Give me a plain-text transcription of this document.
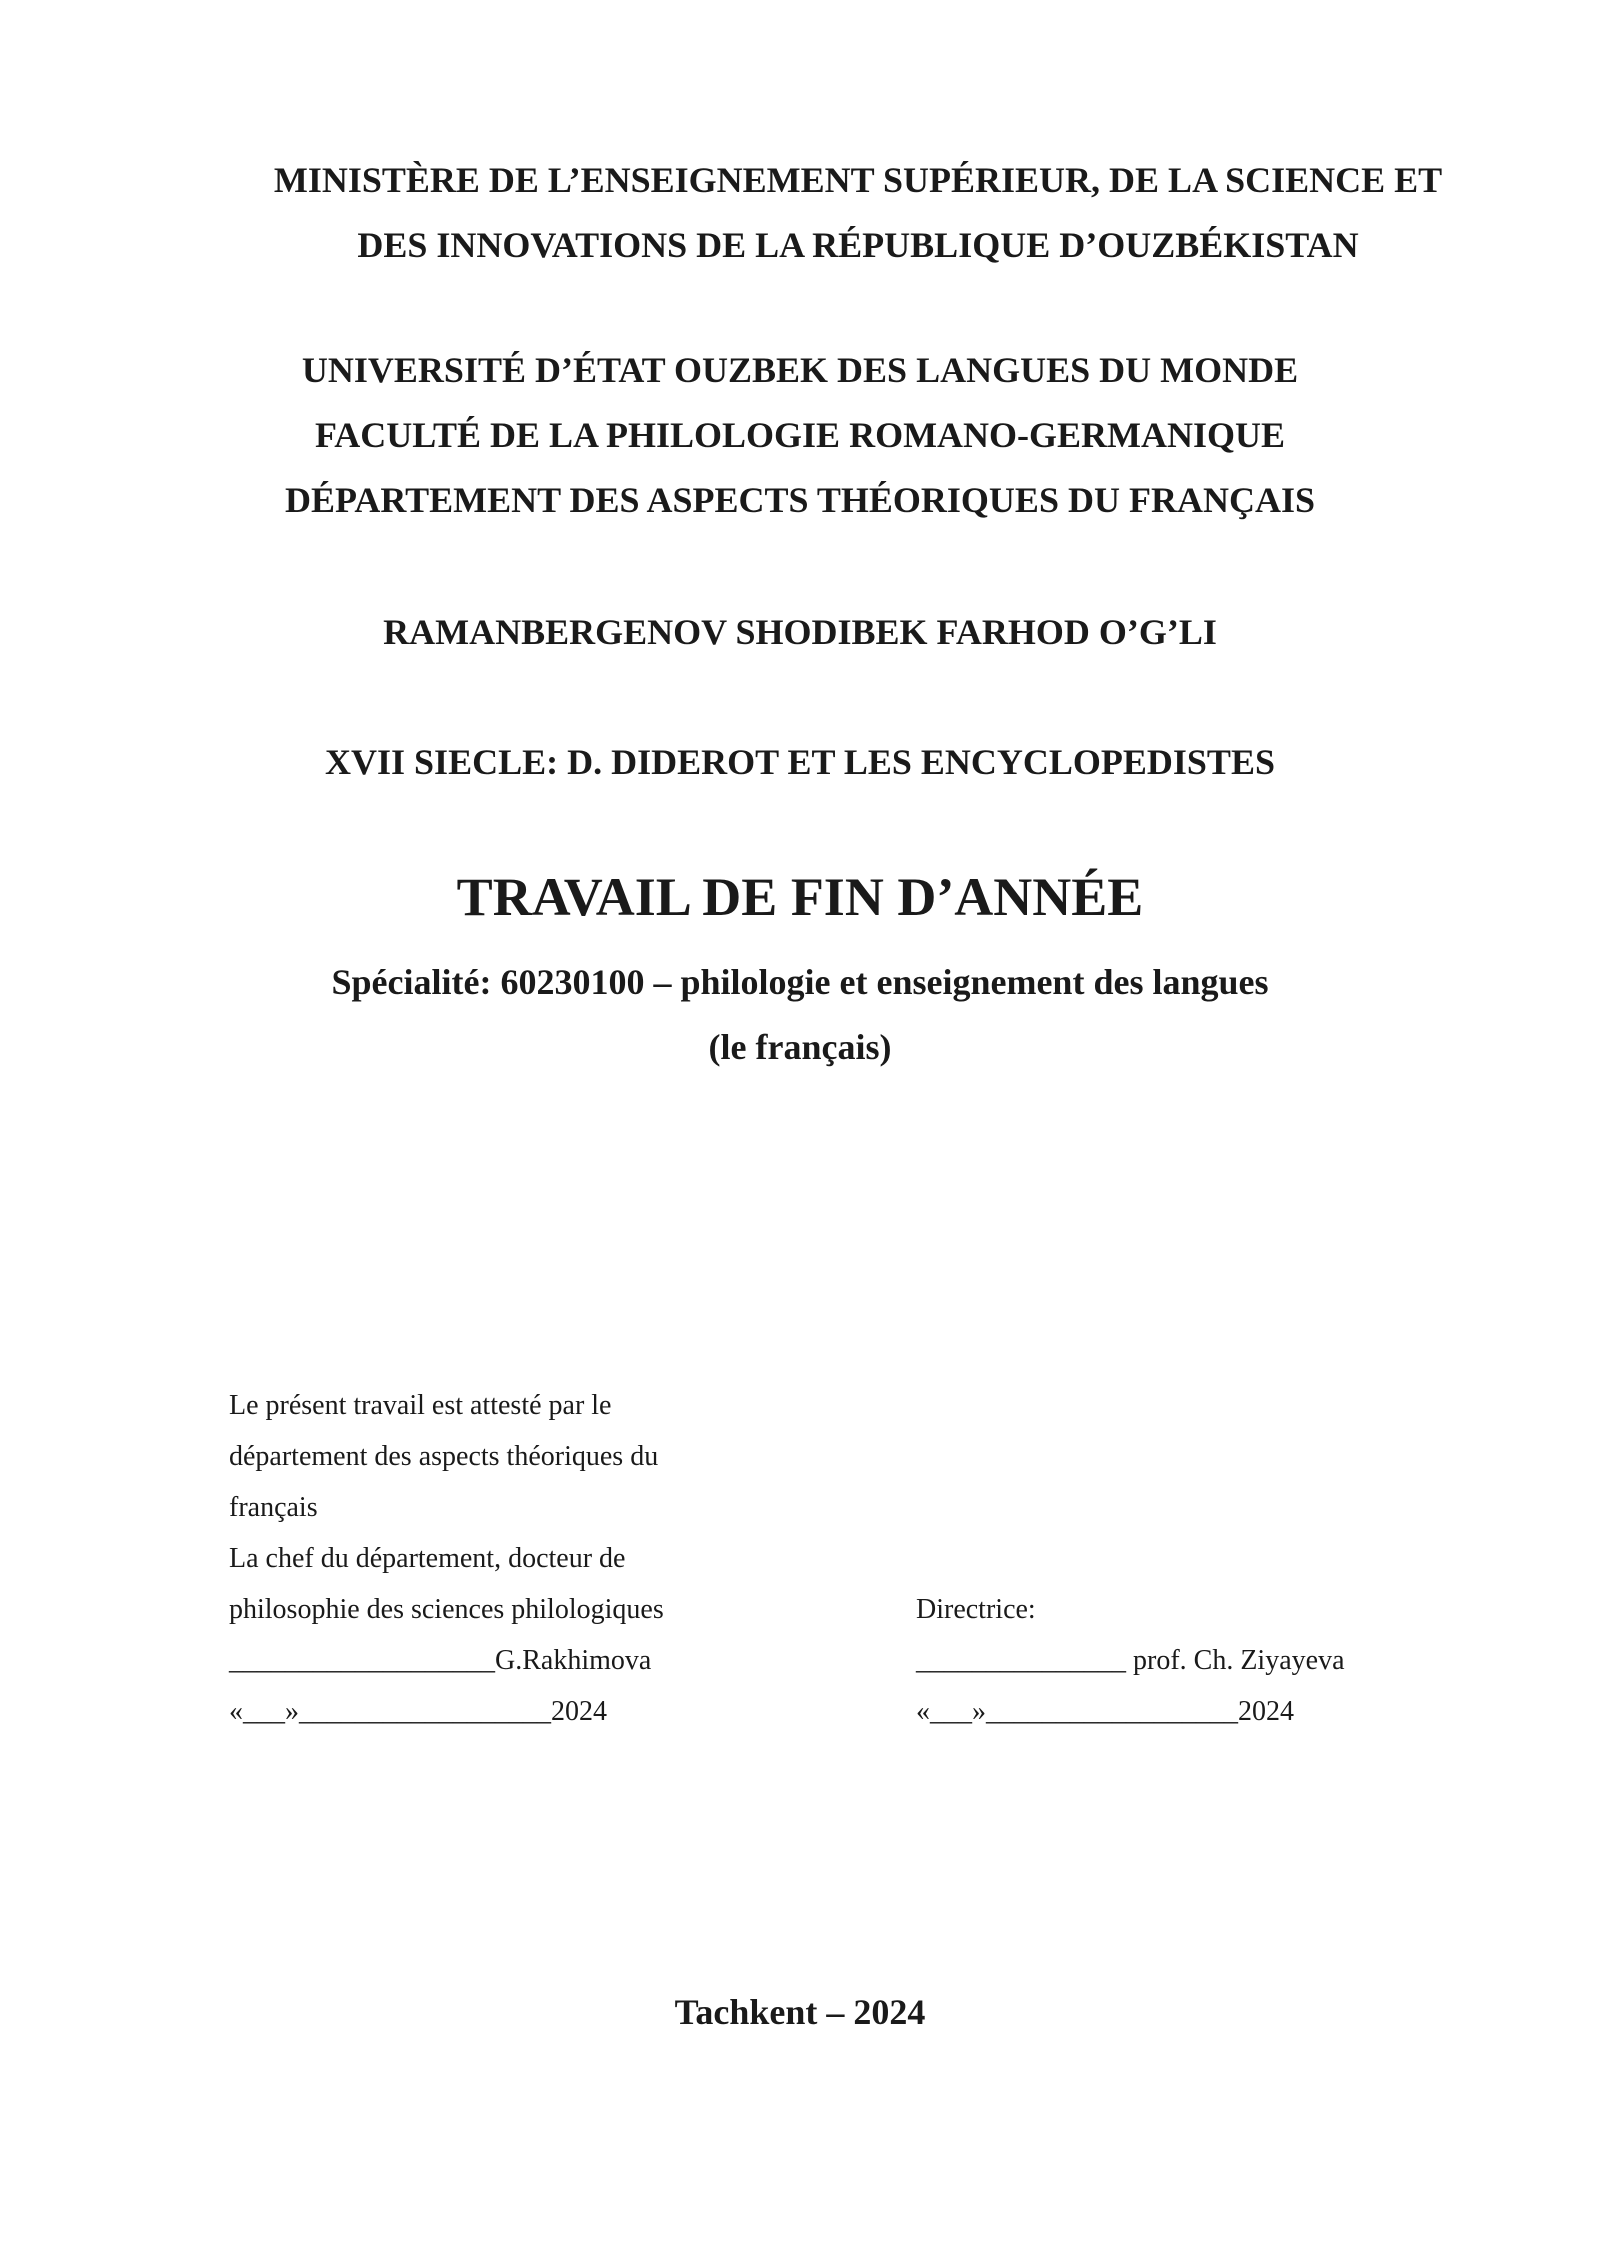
MINISTÈRE DE L’ENSEIGNEMENT SUPÉRIEUR, DE LA SCIENCE ET
DES INNOVATIONS DE LA RÉPUBLIQUE D’OUZBÉKISTAN
UNIVERSITÉ D’ÉTAT OUZBEK DES LANGUES DU MONDE
FACULTÉ DE LA PHILOLOGIE ROMANO-GERMANIQUE
DÉPARTEMENT DES ASPECTS THÉORIQUES DU FRANÇAIS
RAMANBERGENOV SHODIBEK FARHOD O’G’LI
XVII SIECLE: D. DIDEROT ET LES ENCYCLOPEDISTES
TRAVAIL DE FIN D’ANNÉE
Spécialité: 60230100 – philologie et enseignement des langues
(le français)
Le présent travail est attesté par le
département des aspects théoriques du
français
La chef du département, docteur de
philosophie des sciences philologiques
___________________G.Rakhimova
«___»__________________2024
Directrice:
_______________ prof. Ch. Ziyayeva
«___»__________________2024
Tachkent – 2024
